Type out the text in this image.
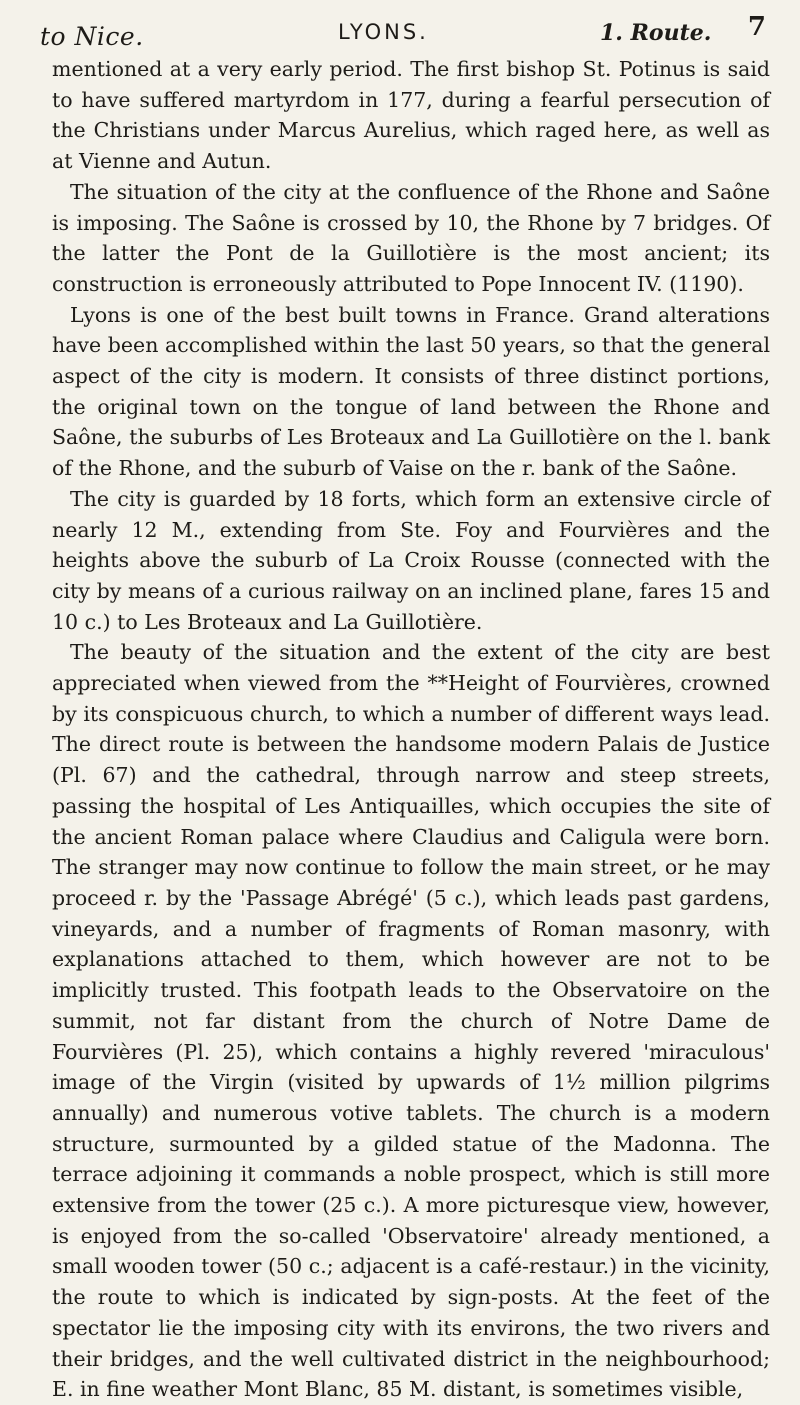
to Nice.	LYONS.	1. Route. 7

mentioned at a very early period. The first bishop St. Potinus is said to have suffered martyrdom in 177, during a fearful persecution of the Christians under Marcus Aurelius, which raged here, as well as at Vienne and Autun.

The situation of the city at the confluence of the Rhone and Saône is imposing. The Saône is crossed by 10, the Rhone by 7 bridges. Of the latter the Pont de la Guillotière is the most ancient; its construction is erroneously attributed to Pope Innocent IV. (1190).

Lyons is one of the best built towns in France. Grand alterations have been accomplished within the last 50 years, so that the general aspect of the city is modern. It consists of three distinct portions, the original town on the tongue of land between the Rhone and Saône, the suburbs of Les Broteaux and La Guillotière on the l. bank of the Rhone, and the suburb of Vaise on the r. bank of the Saône.

The city is guarded by 18 forts, which form an extensive circle of nearly 12 M., extending from Ste. Foy and Fourvières and the heights above the suburb of La Croix Rousse (connected with the city by means of a curious railway on an inclined plane, fares 15 and 10 c.) to Les Broteaux and La Guillotière.

The beauty of the situation and the extent of the city are best appreciated when viewed from the **Height of Fourvières, crowned by its conspicuous church, to which a number of different ways lead. The direct route is between the handsome modern Palais de Justice (Pl. 67) and the cathedral, through narrow and steep streets, passing the hospital of Les Antiquailles, which occupies the site of the ancient Roman palace where Claudius and Caligula were born. The stranger may now continue to follow the main street, or he may proceed r. by the 'Passage Abrégé' (5 c.), which leads past gardens, vineyards, and a number of fragments of Roman masonry, with explanations attached to them, which however are not to be implicitly trusted. This footpath leads to the Observatoire on the summit, not far distant from the church of Notre Dame de Fourvières (Pl. 25), which contains a highly revered 'miraculous' image of the Virgin (visited by upwards of 1½ million pilgrims annually) and numerous votive tablets. The church is a modern structure, surmounted by a gilded statue of the Madonna. The terrace adjoining it commands a noble prospect, which is still more extensive from the tower (25 c.). A more picturesque view, however, is enjoyed from the so-called 'Observatoire' already mentioned, a small wooden tower (50 c.; adjacent is a café-restaur.) in the vicinity, the route to which is indicated by sign-posts. At the feet of the spectator lie the imposing city with its environs, the two rivers and their bridges, and the well cultivated district in the neighbourhood; E. in fine weather Mont Blanc, 85 M. distant, is sometimes visible,
